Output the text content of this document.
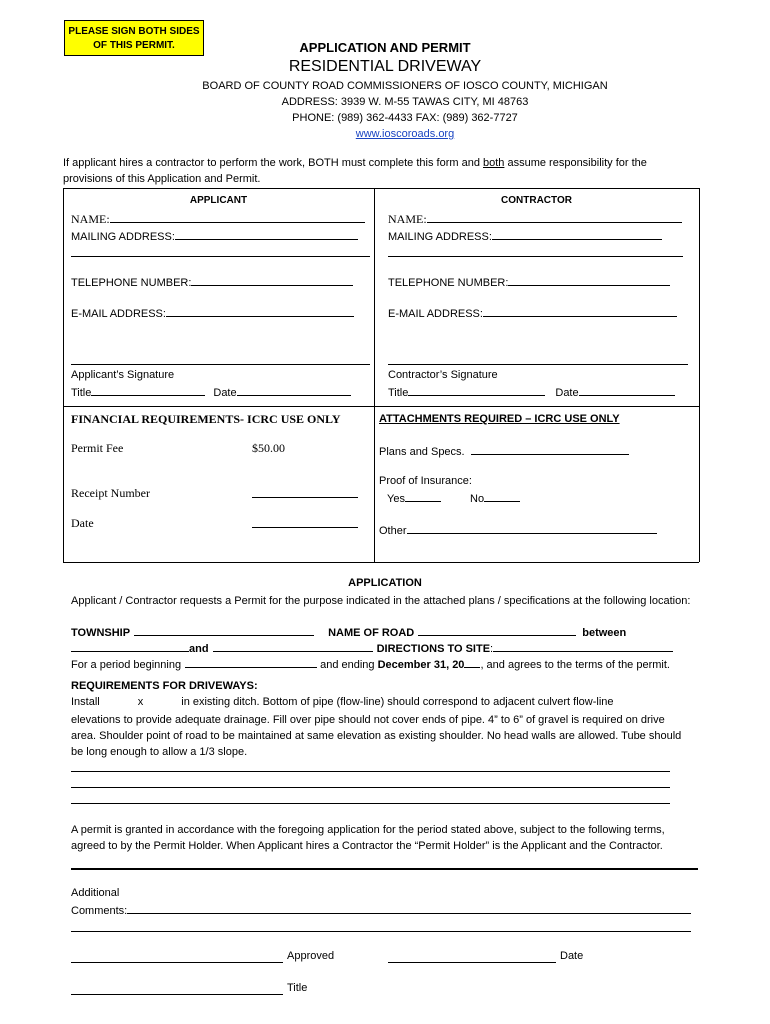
PLEASE SIGN BOTH SIDES
OF THIS PERMIT.	APPLICATION AND PERMIT
RESIDENTIAL DRIVEWAY
BOARD OF COUNTY ROAD COMMISSIONERS OF IOSCO COUNTY, MICHIGAN
ADDRESS: 3939 W. M-55 TAWAS CITY, MI 48763
PHONE: (989) 362-4433 FAX: (989) 362-7727
www.ioscoroads.org
If applicant hires a contractor to perform the work, BOTH must complete this form and both assume responsibility for the provisions of this Application and Permit.
APPLICANT	CONTRACTOR
NAME:
MAILING ADDRESS:
TELEPHONE NUMBER:
E-MAIL ADDRESS:
Applicant’s Signature
Title	Date
NAME:
MAILING ADDRESS:
TELEPHONE NUMBER:
E-MAIL ADDRESS:
Contractor’s Signature
Title	Date
FINANCIAL REQUIREMENTS- ICRC USE ONLY
Permit Fee	$50.00
Receipt Number
Date
ATTACHMENTS REQUIRED – ICRC USE ONLY
Plans and Specs.
Proof of Insurance:
Yes	No
Other
APPLICATION
Applicant / Contractor requests a Permit for the purpose indicated in the attached plans / specifications at the following location:
TOWNSHIP	NAME OF ROAD	between
and	DIRECTIONS TO SITE:
For a period beginning	and ending December 31, 20 , and agrees to the terms of the permit.
REQUIREMENTS FOR DRIVEWAYS:
Install	x	in existing ditch. Bottom of pipe (flow-line) should correspond to adjacent culvert flow-line
elevations to provide adequate drainage. Fill over pipe should not cover ends of pipe. 4” to 6” of gravel is required on drive area. Shoulder point of road to be maintained at same elevation as existing shoulder. No head walls are allowed. Tube should be long enough to allow a 1/3 slope.
A permit is granted in accordance with the foregoing application for the period stated above, subject to the following terms, agreed to by the Permit Holder. When Applicant hires a Contractor the “Permit Holder” is the Applicant and the Contractor.
Additional
Comments:
Approved	Date
Title
